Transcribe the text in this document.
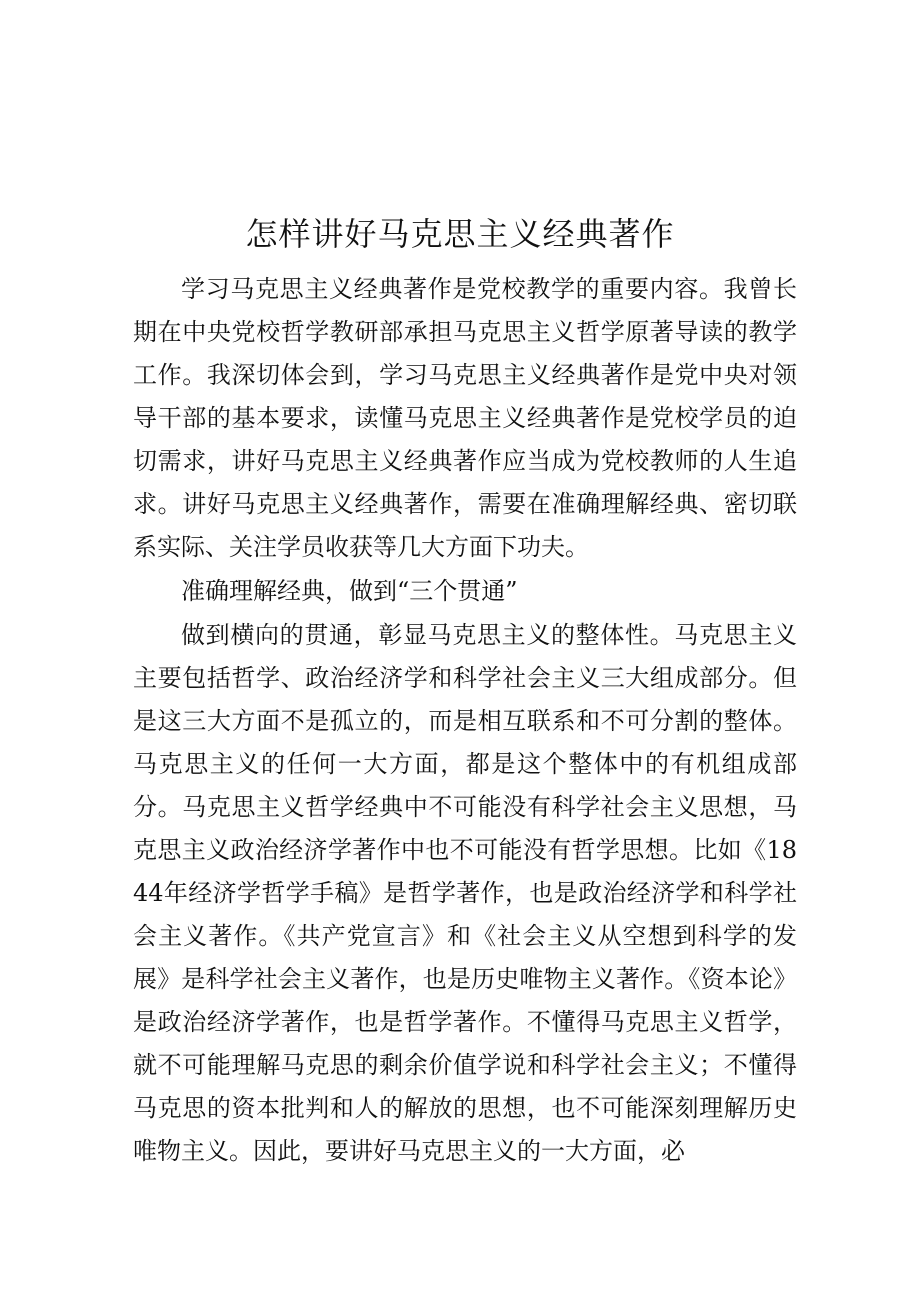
怎样讲好马克思主义经典著作

学习马克思主义经典著作是党校教学的重要内容。我曾长期在中央党校哲学教研部承担马克思主义哲学原著导读的教学工作。我深切体会到，学习马克思主义经典著作是党中央对领导干部的基本要求，读懂马克思主义经典著作是党校学员的迫切需求，讲好马克思主义经典著作应当成为党校教师的人生追求。讲好马克思主义经典著作，需要在准确理解经典、密切联系实际、关注学员收获等几大方面下功夫。

准确理解经典，做到“三个贯通”

做到横向的贯通，彰显马克思主义的整体性。马克思主义主要包括哲学、政治经济学和科学社会主义三大组成部分。但是这三大方面不是孤立的，而是相互联系和不可分割的整体。马克思主义的任何一大方面，都是这个整体中的有机组成部分。马克思主义哲学经典中不可能没有科学社会主义思想，马克思主义政治经济学著作中也不可能没有哲学思想。比如《1844年经济学哲学手稿》是哲学著作，也是政治经济学和科学社会主义著作。《共产党宣言》和《社会主义从空想到科学的发展》是科学社会主义著作，也是历史唯物主义著作。《资本论》是政治经济学著作，也是哲学著作。不懂得马克思主义哲学，就不可能理解马克思的剩余价值学说和科学社会主义；不懂得马克思的资本批判和人的解放的思想，也不可能深刻理解历史唯物主义。因此，要讲好马克思主义的一大方面，必
